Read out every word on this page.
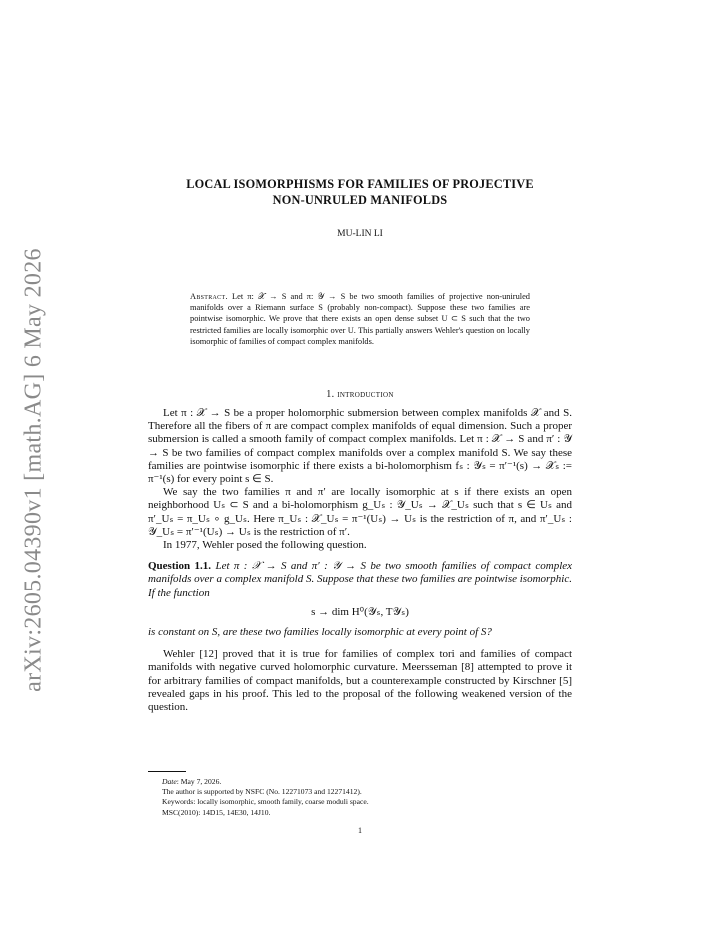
arXiv:2605.04390v1 [math.AG] 6 May 2026
LOCAL ISOMORPHISMS FOR FAMILIES OF PROJECTIVE
NON-UNRULED MANIFOLDS
MU-LIN LI
Abstract. Let π: 𝒳 → S and π: 𝒴 → S be two smooth families of projective non-uniruled manifolds over a Riemann surface S (probably non-compact). Suppose these two families are pointwise isomorphic. We prove that there exists an open dense subset U ⊂ S such that the two restricted families are locally isomorphic over U. This partially answers Wehler's question on locally isomorphic of families of compact complex manifolds.
1. introduction

Let π : 𝒳 → S be a proper holomorphic submersion between complex manifolds 𝒳 and S. Therefore all the fibers of π are compact complex manifolds of equal dimension. Such a proper submersion is called a smooth family of compact complex manifolds. Let π : 𝒳 → S and π′ : 𝒴 → S be two families of compact complex manifolds over a complex manifold S. We say these families are pointwise isomorphic if there exists a bi-holomorphism fₛ : 𝒴ₛ = π′⁻¹(s) → 𝒳ₛ := π⁻¹(s) for every point s ∈ S.

We say the two families π and π′ are locally isomorphic at s if there exists an open neighborhood Uₛ ⊂ S and a bi-holomorphism g_Uₛ : 𝒴_Uₛ → 𝒳_Uₛ such that s ∈ Uₛ and π′_Uₛ = π_Uₛ ∘ g_Uₛ. Here π_Uₛ : 𝒳_Uₛ = π⁻¹(Uₛ) → Uₛ is the restriction of π, and π′_Uₛ : 𝒴_Uₛ = π′⁻¹(Uₛ) → Uₛ is the restriction of π′.

In 1977, Wehler posed the following question.

Question 1.1. Let π : 𝒳 → S and π′ : 𝒴 → S be two smooth families of compact complex manifolds over a complex manifold S. Suppose that these two families are pointwise isomorphic. If the function

s → dim H⁰(𝒴ₛ, T𝒴ₛ)

is constant on S, are these two families locally isomorphic at every point of S?

Wehler [12] proved that it is true for families of complex tori and families of compact manifolds with negative curved holomorphic curvature. Meersseman [8] attempted to prove it for arbitrary families of compact manifolds, but a counterexample constructed by Kirschner [5] revealed gaps in his proof. This led to the proposal of the following weakened version of the question.

Date: May 7, 2026.
The author is supported by NSFC (No. 12271073 and 12271412).
Keywords: locally isomorphic, smooth family, coarse moduli space.
MSC(2010): 14D15, 14E30, 14J10.
1
